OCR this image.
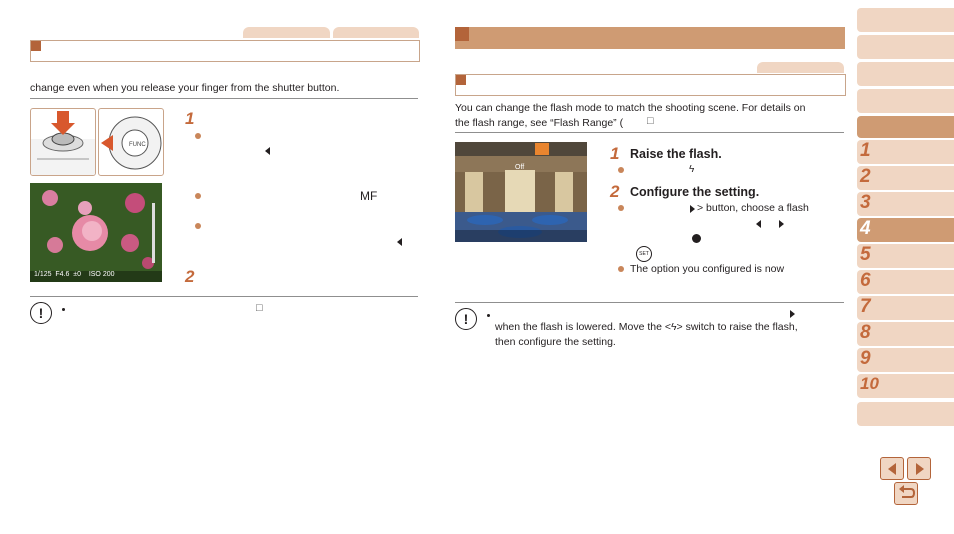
change even when you release your finger from the shutter button.
FUNC
1/125  F4.6  ±0    ISO 200
1
MF
2
!	□
You can change the flash mode to match the shooting scene. For details on
the flash range, see “Flash Range” ( □
Off
1 Raise the flash.
ϟ
2 Configure the setting.
> button, choose a flash
SET
The option you configured is now
!	when the flash is lowered. Move the <ϟ> switch to raise the flash,
then configure the setting.
1
2
3
4
5
6
7
8
9
10
